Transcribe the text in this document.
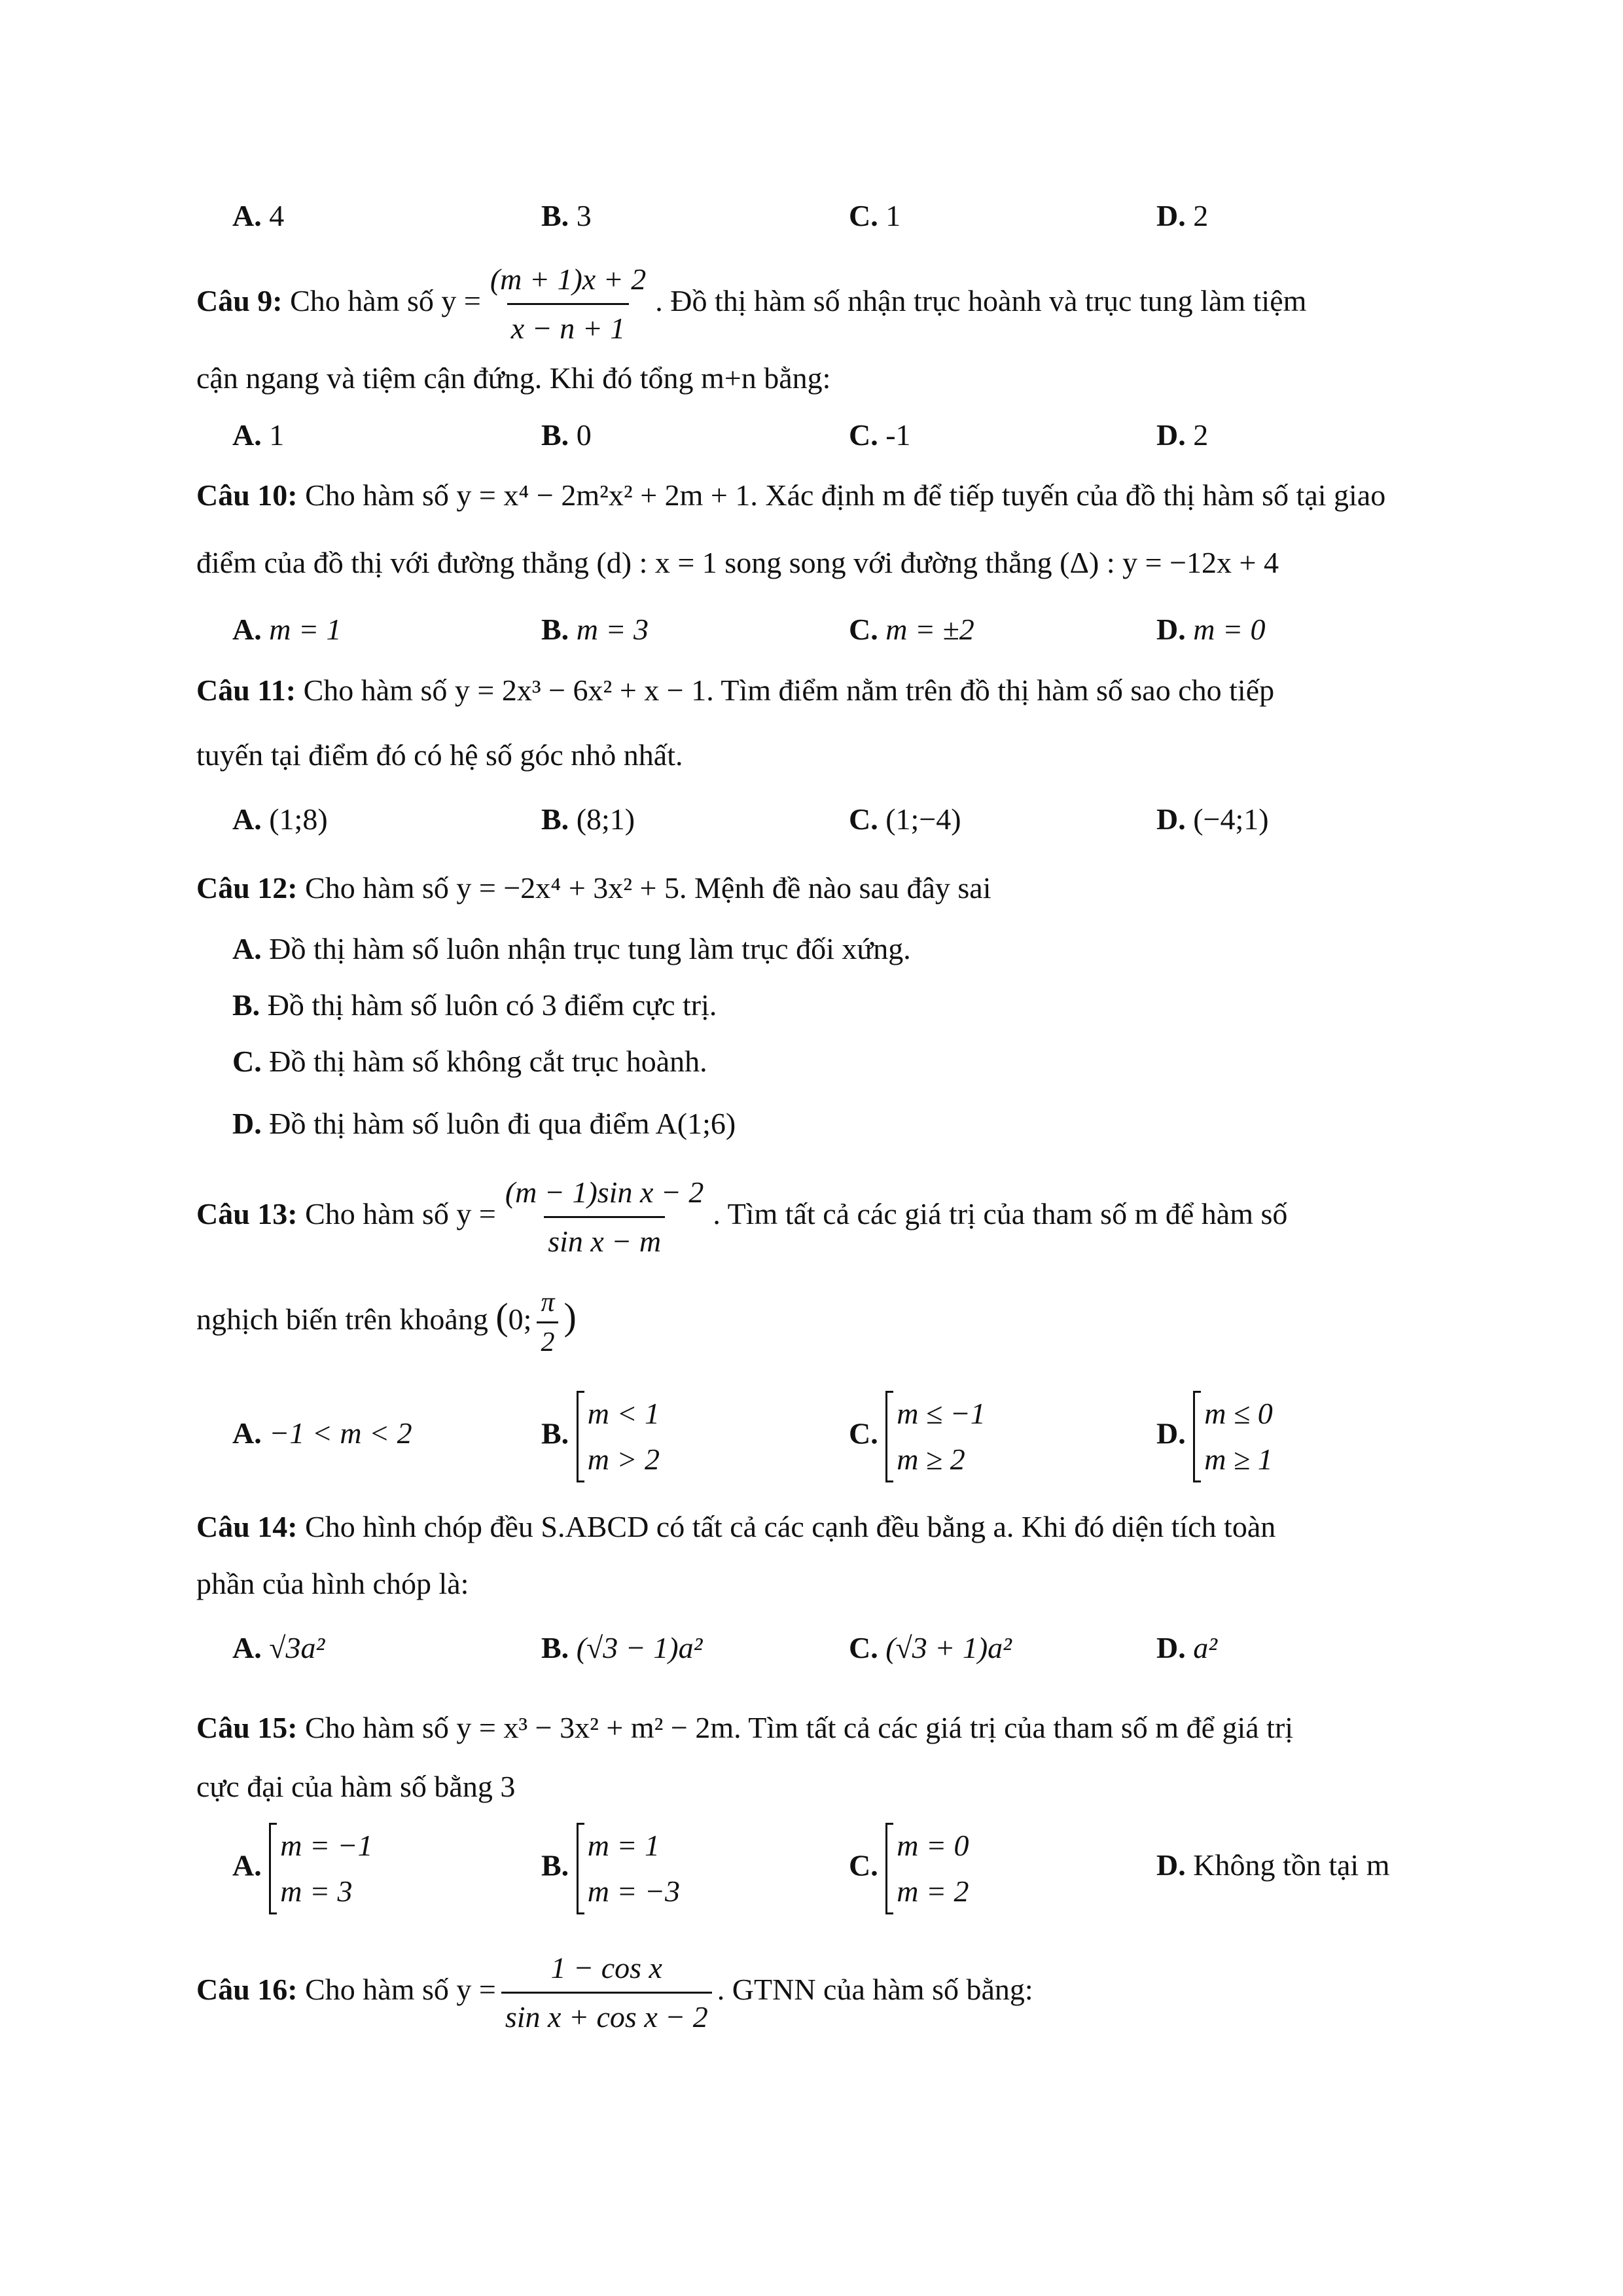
A. 4	B. 3	C. 1	D. 2
Câu 9: Cho hàm số $y = \frac{(m + 1)x + 2}{x - n + 1}$ . Đồ thị hàm số nhận trục hoành và trục tung làm tiệm
cận ngang và tiệm cận đứng. Khi đó tổng m+n bằng:
A. 1	B. 0	C. -1	D. 2
Câu 10: Cho hàm số y = x⁴ − 2m²x² + 2m + 1. Xác định m để tiếp tuyến của đồ thị hàm số tại giao
điểm của đồ thị với đường thẳng (d) : x = 1 song song với đường thẳng (Δ) : y = −12x + 4
A. m = 1	B. m = 3	C. m = ±2	D. m = 0
Câu 11: Cho hàm số y = 2x³ − 6x² + x − 1. Tìm điểm nằm trên đồ thị hàm số sao cho tiếp
tuyến tại điểm đó có hệ số góc nhỏ nhất.
A. (1;8)	B. (8;1)	C. (1;−4)	D. (−4;1)
Câu 12: Cho hàm số y = −2x⁴ + 3x² + 5. Mệnh đề nào sau đây sai
A. Đồ thị hàm số luôn nhận trục tung làm trục đối xứng.
B. Đồ thị hàm số luôn có 3 điểm cực trị.
C. Đồ thị hàm số không cắt trục hoành.
D. Đồ thị hàm số luôn đi qua điểm A(1;6)
Câu 13: Cho hàm số $y = \frac{\text{(m − 1)sin x − 2}}{\text{sin x − m}}$ . Tìm tất cả các giá trị của tham số m để hàm số
nghịch biến trên khoảng (0; $\frac{\pi}{2}$ )
A. −1 < m < 2	B.
m < 1
m > 2
C.
m ≤ −1
m ≥ 2
D.
m ≤ 0
m ≥ 1
Câu 14: Cho hình chóp đều S.ABCD có tất cả các cạnh đều bằng a. Khi đó diện tích toàn
phần của hình chóp là:
A. √3a²	B. (√3 − 1)a²	C. (√3 + 1)a²	D. a²
Câu 15: Cho hàm số y = x³ − 3x² + m² − 2m. Tìm tất cả các giá trị của tham số m để giá trị
cực đại của hàm số bằng 3
A.
m = −1
m = 3
B.
m = 1
m = −3
C.
m = 0
m = 2
D. Không tồn tại m
Câu 16: Cho hàm số $y = \frac{\text{1 − cos x}}{\text{sin x + cos x − 2}}$ . GTNN của hàm số bằng:
